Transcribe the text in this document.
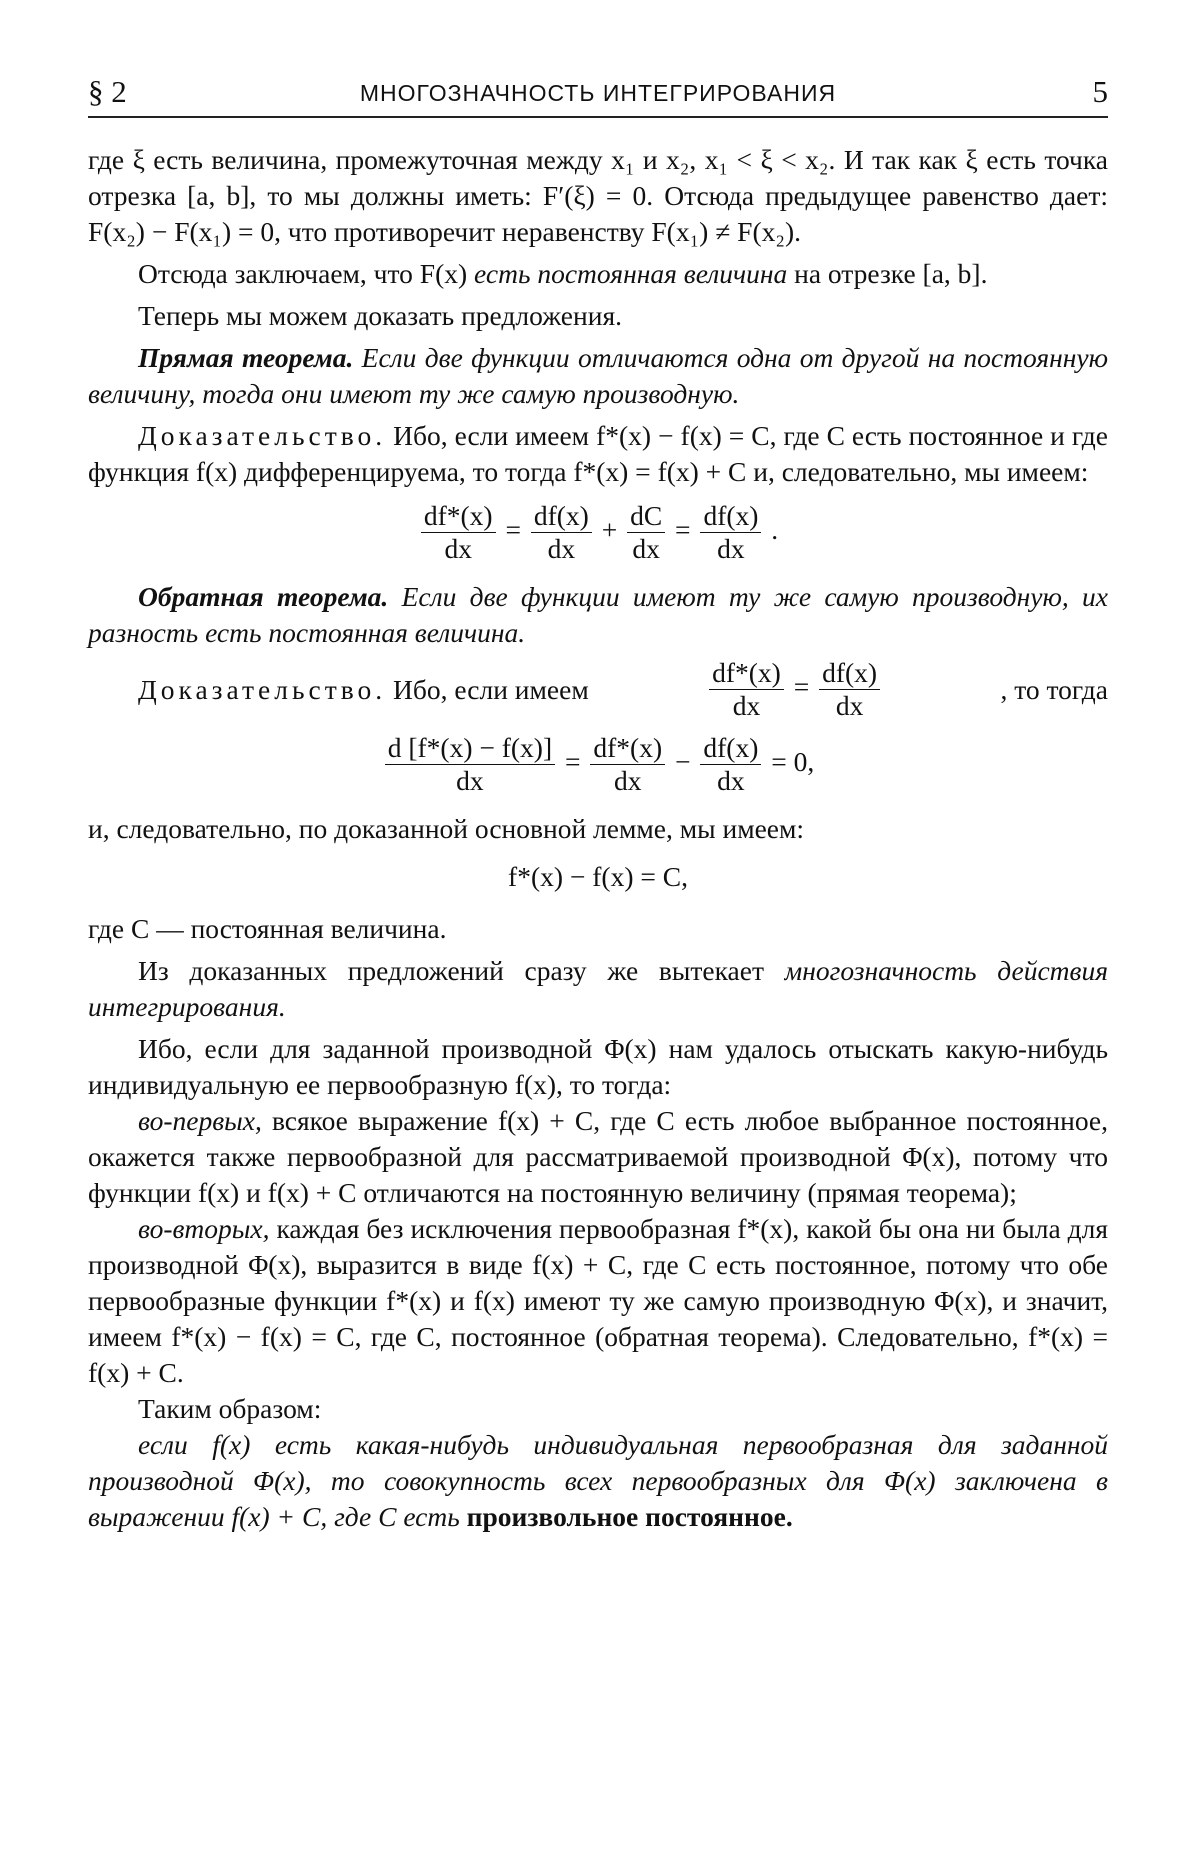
§ 2	МНОГОЗНАЧНОСТЬ ИНТЕГРИРОВАНИЯ	5

где ξ есть величина, промежуточная между x₁ и x₂, x₁ < ξ < x₂. И так как ξ есть точка отрезка [a, b], то мы должны иметь: F′(ξ) = 0. Отсюда предыдущее равенство дает: F(x₂) − F(x₁) = 0, что противоречит неравенству F(x₁) ≠ F(x₂).

Отсюда заключаем, что F(x) есть постоянная величина на отрезке [a, b].

Теперь мы можем доказать предложения.

Прямая теорема. Если две функции отличаются одна от другой на постоянную величину, тогда они имеют ту же самую производную.

Доказательство. Ибо, если имеем f*(x) − f(x) = C, где C есть постоянное и где функция f(x) дифференцируема, то тогда f*(x) = f(x) + C и, следовательно, мы имеем:

$\frac{df*(x)}{dx} = \frac{df(x)}{dx} + \frac{dC}{dx} = \frac{df(x)}{dx}$ .

Обратная теорема. Если две функции имеют ту же самую производную, их разность есть постоянная величина.

Доказательство. Ибо, если имеем	$\frac{df*(x)}{dx} = \frac{df(x)}{dx}$	, то тогда
$\frac{d [f*(x) - f(x)]}{dx} = \frac{df*(x)}{dx} - \frac{df(x)}{dx} = 0$,

и, следовательно, по доказанной основной лемме, мы имеем:

f*(x) − f(x) = C,

где C — постоянная величина.

Из доказанных предложений сразу же вытекает многозначность действия интегрирования.

Ибо, если для заданной производной Φ(x) нам удалось отыскать какую-нибудь индивидуальную ее первообразную f(x), то тогда:

во-первых, всякое выражение f(x) + C, где C есть любое выбранное постоянное, окажется также первообразной для рассматриваемой производной Φ(x), потому что функции f(x) и f(x) + C отличаются на постоянную величину (прямая теорема);

во-вторых, каждая без исключения первообразная f*(x), какой бы она ни была для производной Φ(x), выразится в виде f(x) + C, где C есть постоянное, потому что обе первообразные функции f*(x) и f(x) имеют ту же самую производную Φ(x), и значит, имеем f*(x) − f(x) = C, где C, постоянное (обратная теорема). Следовательно, f*(x) = f(x) + C.

Таким образом:

если f(x) есть какая-нибудь индивидуальная первообразная для заданной производной Φ(x), то совокупность всех первообразных для Φ(x) заключена в выражении f(x) + C, где C есть произвольное постоянное.
